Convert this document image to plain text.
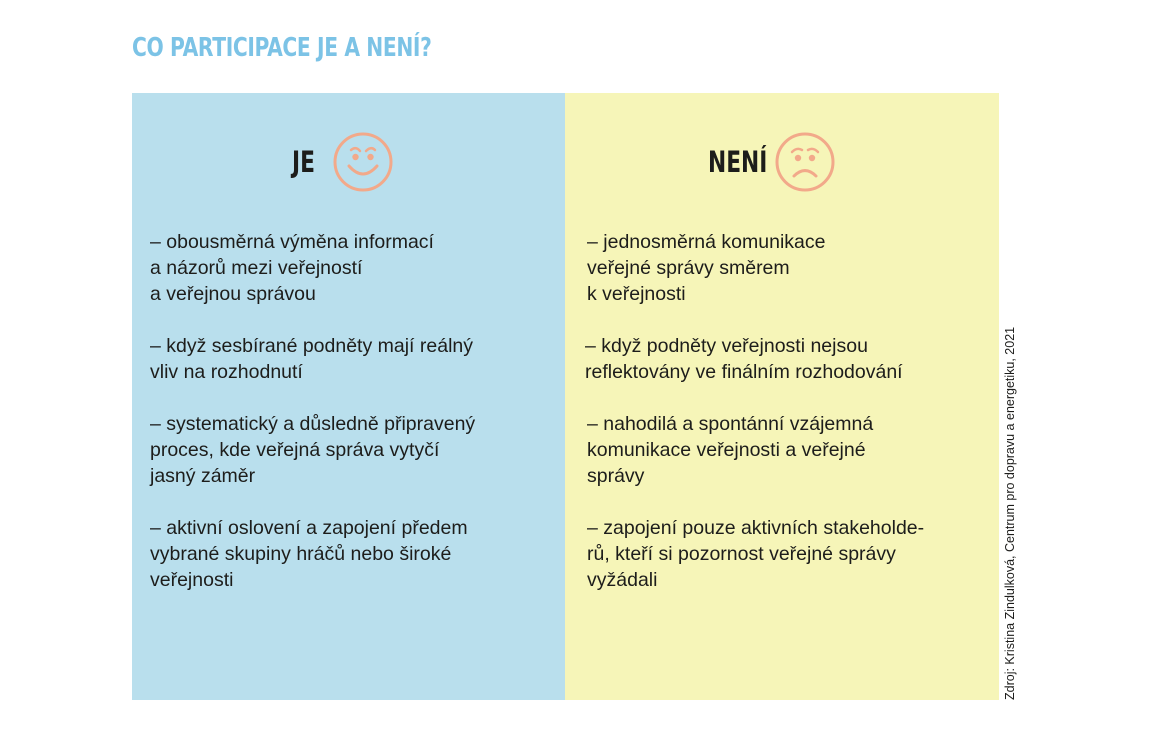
CO PARTICIPACE JE A NENÍ?
JE
– obousměrná výměna informací
a názorů mezi veřejností
a veřejnou správou
– když sesbírané podněty mají reálný
vliv na rozhodnutí
– systematický a důsledně připravený
proces, kde veřejná správa vytyčí
jasný záměr
– aktivní oslovení a zapojení předem
vybrané skupiny hráčů nebo široké
veřejnosti
NENÍ
– jednosměrná komunikace
veřejné správy směrem
k veřejnosti
– když podněty veřejnosti nejsou
reflektovány ve finálním rozhodování
– nahodilá a spontánní vzájemná
komunikace veřejnosti a veřejné
správy
– zapojení pouze aktivních stakeholde-
rů, kteří si pozornost veřejné správy
vyžádali	Zdroj: Kristina Zindulková, Centrum pro dopravu a energetiku, 2021
